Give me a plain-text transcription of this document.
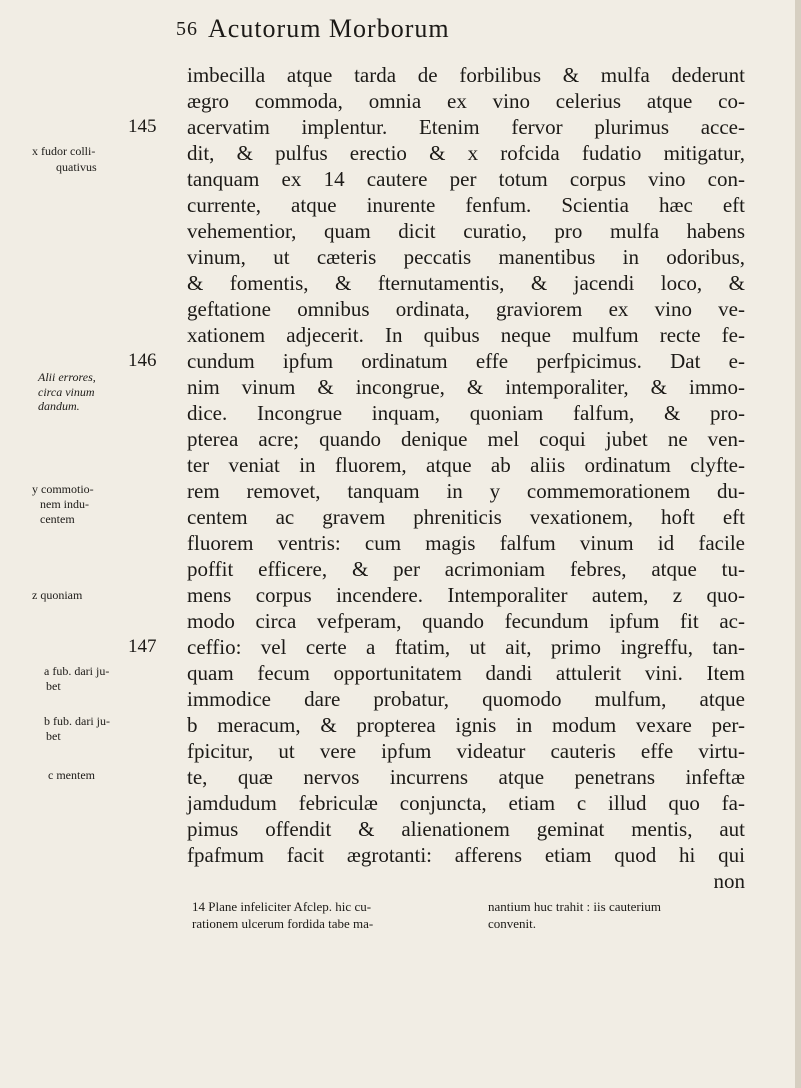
56 Acutorum Morborum
imbecilla atque tarda de forbilibus & mulfa dederunt
ægro commoda, omnia ex vino celerius atque co-
acervatim implentur. Etenim fervor plurimus acce-
dit, & pulfus erectio & x rofcida fudatio mitigatur,
tanquam ex 14 cautere per totum corpus vino con-
currente, atque inurente fenfum. Scientia hæc eft
vehementior, quam dicit curatio, pro mulfa habens
vinum, ut cæteris peccatis manentibus in odoribus,
& fomentis, & fternutamentis, & jacendi loco, &
geftatione omnibus ordinata, graviorem ex vino ve-
xationem adjecerit. In quibus neque mulfum recte fe-
cundum ipfum ordinatum effe perfpicimus. Dat e-
nim vinum & incongrue, & intemporaliter, & immo-
dice. Incongrue inquam, quoniam falfum, & pro-
pterea acre; quando denique mel coqui jubet ne ven-
ter veniat in fluorem, atque ab aliis ordinatum clyfte-
rem removet, tanquam in y commemorationem du-
centem ac gravem phreniticis vexationem, hoft eft
fluorem ventris: cum magis falfum vinum id facile
poffit efficere, & per acrimoniam febres, atque tu-
mens corpus incendere. Intemporaliter autem, z quo-
modo circa vefperam, quando fecundum ipfum fit ac-
ceffio: vel certe a ftatim, ut ait, primo ingreffu, tan-
quam fecum opportunitatem dandi attulerit vini. Item
immodice dare probatur, quomodo mulfum, atque
b meracum, & propterea ignis in modum vexare per-
fpicitur, ut vere ipfum videatur cauteris effe virtu-
te, quæ nervos incurrens atque penetrans infeftæ
jamdudum febriculæ conjuncta, etiam c illud quo fa-
pimus offendit & alienationem geminat mentis, aut
fpafmum facit ægrotanti: afferens etiam quod hi qui
non
145
146
147
x fudor colli-
quativus
Alii errores,
circa vinum
dandum.
y commotio-
nem indu-
centem
z quoniam
a fub. dari ju-
bet
b fub. dari ju-
bet
c mentem
14 Plane infeliciter Afclep. hic cu-
rationem ulcerum fordida tabe ma-
nantium huc trahit : iis cauterium
convenit.
